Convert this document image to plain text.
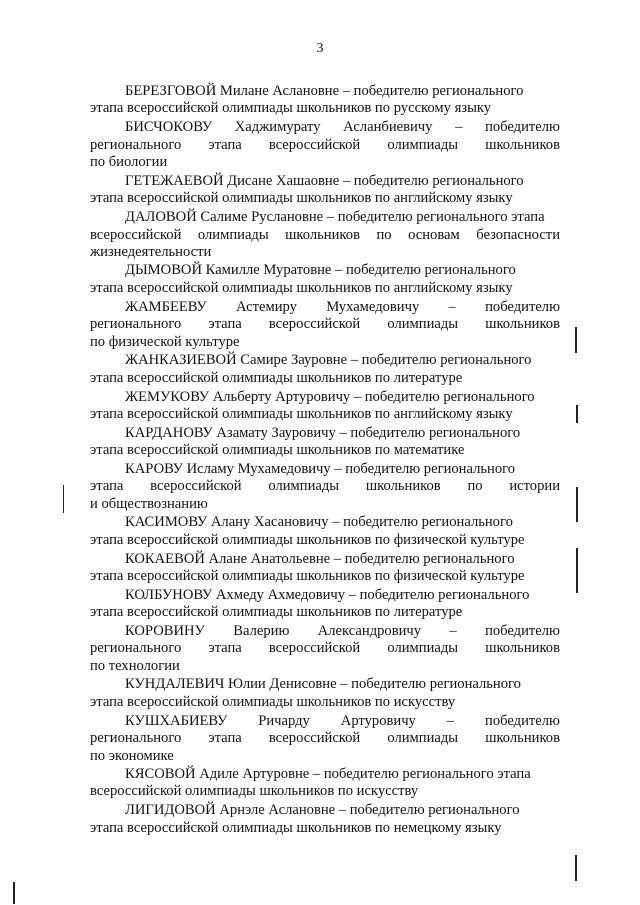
3
БЕРЕЗГОВОЙ Милане Аслановне – победителю регионального
этапа всероссийской олимпиады школьников по русскому языку
БИСЧОКОВУ Хаджимурату Асланбиевичу – победителю
регионального этапа всероссийской олимпиады школьников
по биологии
ГЕТЕЖАЕВОЙ Дисане Хашаовне – победителю регионального
этапа всероссийской олимпиады школьников по английскому языку
ДАЛОВОЙ Салиме Руслановне – победителю регионального этапа
всероссийской олимпиады школьников по основам безопасности
жизнедеятельности
ДЫМОВОЙ Камилле Муратовне – победителю регионального
этапа всероссийской олимпиады школьников по английскому языку
ЖАМБЕЕВУ Астемиру Мухамедовичу – победителю
регионального этапа всероссийской олимпиады школьников
по физической культуре
ЖАНКАЗИЕВОЙ Самире Зауровне – победителю регионального
этапа всероссийской олимпиады школьников по литературе
ЖЕМУКОВУ Альберту Артуровичу – победителю регионального
этапа всероссийской олимпиады школьников по английскому языку
КАРДАНОВУ Азамату Зауровичу – победителю регионального
этапа всероссийской олимпиады школьников по математике
КАРОВУ Исламу Мухамедовичу – победителю регионального
этапа всероссийской олимпиады школьников по истории
и обществознанию
КАСИМОВУ Алану Хасановичу – победителю регионального
этапа всероссийской олимпиады школьников по физической культуре
КОКАЕВОЙ Алане Анатольевне – победителю регионального
этапа всероссийской олимпиады школьников по физической культуре
КОЛБУНОВУ Ахмеду Ахмедовичу – победителю регионального
этапа всероссийской олимпиады школьников по литературе
КОРОВИНУ Валерию Александровичу – победителю
регионального этапа всероссийской олимпиады школьников
по технологии
КУНДАЛЕВИЧ Юлии Денисовне – победителю регионального
этапа всероссийской олимпиады школьников по искусству
КУШХАБИЕВУ Ричарду Артуровичу – победителю
регионального этапа всероссийской олимпиады школьников
по экономике
КЯСОВОЙ Адиле Артуровне – победителю регионального этапа
всероссийской олимпиады школьников по искусству
ЛИГИДОВОЙ Арнэле Аслановне – победителю регионального
этапа всероссийской олимпиады школьников по немецкому языку
